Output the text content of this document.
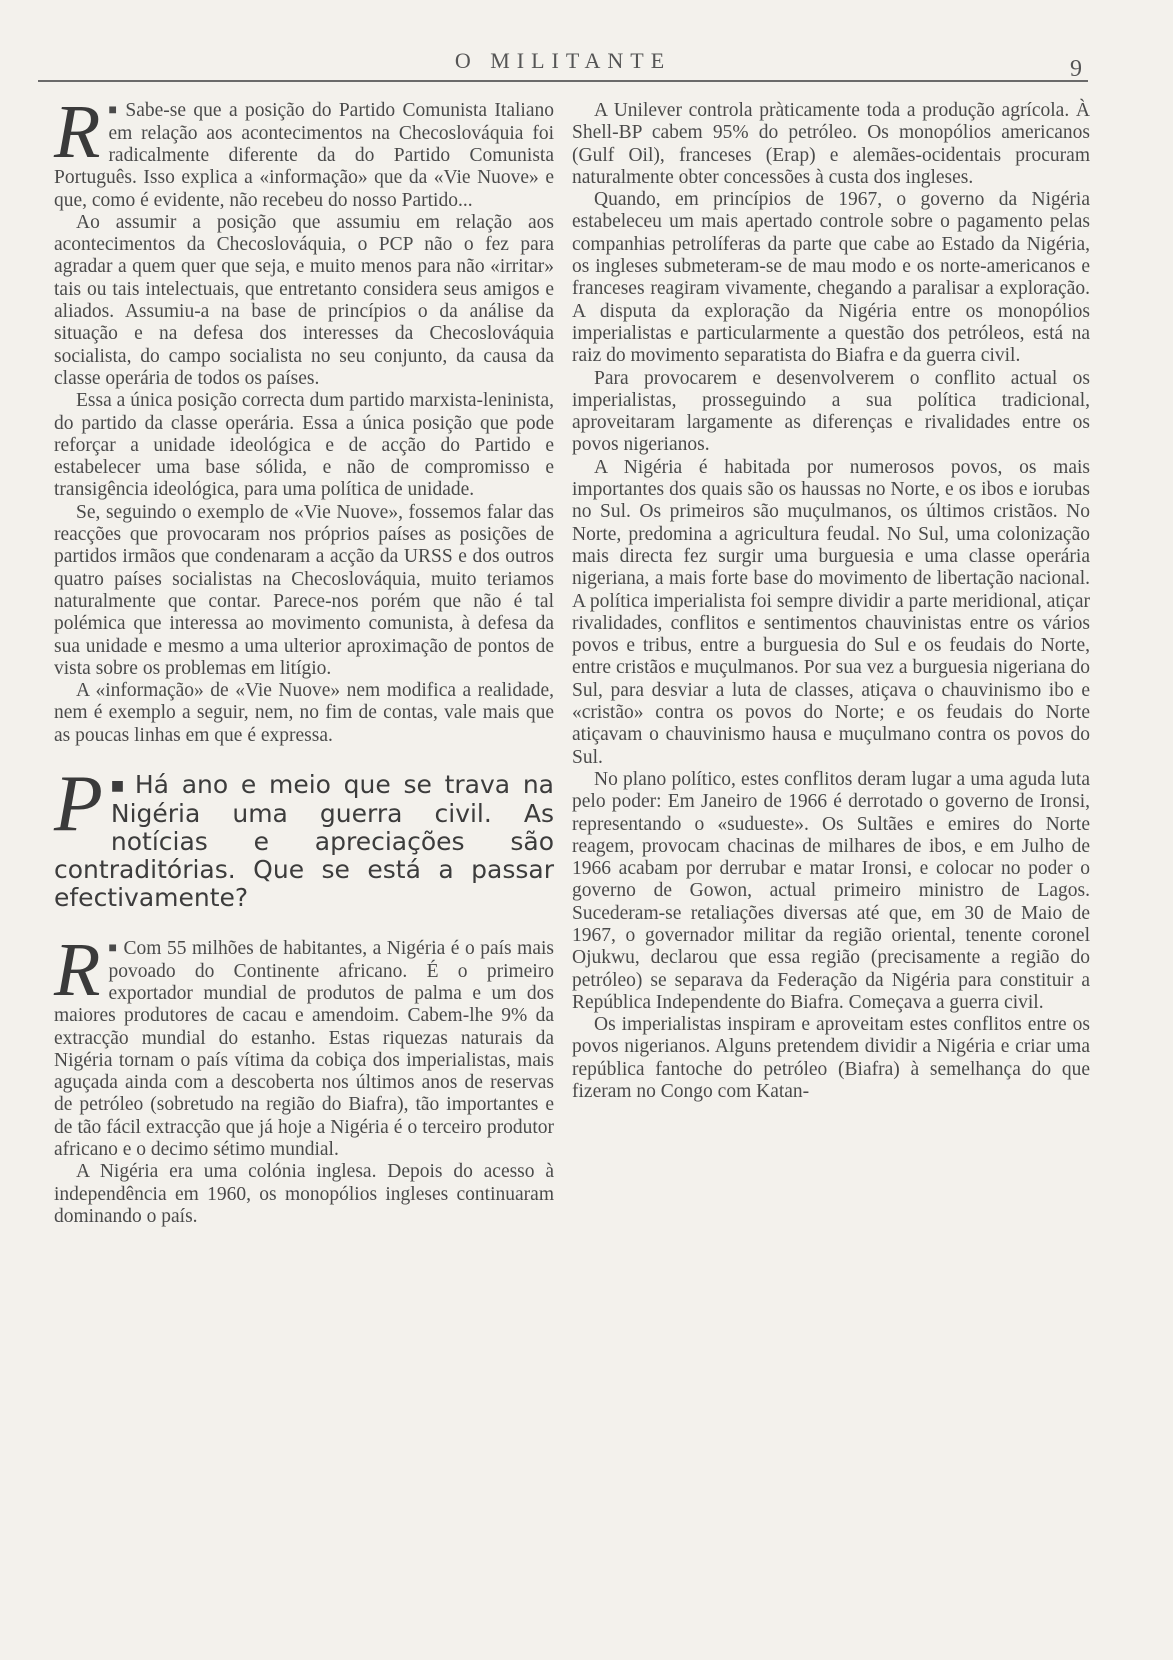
O MILITANTE	9
R ■ Sabe-se que a posição do Partido Comunista Italiano em relação aos acontecimentos na Checoslováquia foi radicalmente diferente da do Partido Comunista Português. Isso explica a «informação» que da «Vie Nuove» e que, como é evidente, não recebeu do nosso Partido...

Ao assumir a posição que assumiu em relação aos acontecimentos da Checoslováquia, o PCP não o fez para agradar a quem quer que seja, e muito menos para não «irritar» tais ou tais intelectuais, que entretanto considera seus amigos e aliados. Assumiu-a na base de princípios o da análise da situação e na defesa dos interesses da Checoslováquia socialista, do campo socialista no seu conjunto, da causa da classe operária de todos os países.

Essa a única posição correcta dum partido marxista-leninista, do partido da classe operária. Essa a única posição que pode reforçar a unidade ideológica e de acção do Partido e estabelecer uma base sólida, e não de compromisso e transigência ideológica, para uma política de unidade.

Se, seguindo o exemplo de «Vie Nuove», fossemos falar das reacções que provocaram nos próprios países as posições de partidos irmãos que condenaram a acção da URSS e dos outros quatro países socialistas na Checoslováquia, muito teriamos naturalmente que contar. Parece-nos porém que não é tal polémica que interessa ao movimento comunista, à defesa da sua unidade e mesmo a uma ulterior aproximação de pontos de vista sobre os problemas em litígio.

A «informação» de «Vie Nuove» nem modifica a realidade, nem é exemplo a seguir, nem, no fim de contas, vale mais que as poucas linhas em que é expressa.

P ■ Há ano e meio que se trava na Nigéria uma guerra civil. As notícias e apreciações são contraditórias. Que se está a passar efectivamente?
R ■ Com 55 milhões de habitantes, a Nigéria é o país mais povoado do Continente africano. É o primeiro exportador mundial de produtos de palma e um dos maiores produtores de cacau e amendoim. Cabem-lhe 9% da extracção mundial do estanho. Estas riquezas naturais da Nigéria tornam o país vítima da cobiça dos imperialistas, mais aguçada ainda com a descoberta nos últimos anos de reservas de petróleo (sobretudo na região do Biafra), tão importantes e de tão fácil extracção que já hoje a Nigéria é o terceiro produtor africano e o decimo sétimo mundial.

A Nigéria era uma colónia inglesa. Depois do acesso à independência em 1960, os monopólios ingleses continuaram dominando o país.

A Unilever controla pràticamente toda a produção agrícola. À Shell-BP cabem 95% do petróleo. Os monopólios americanos (Gulf Oil), franceses (Erap) e alemães-ocidentais procuram naturalmente obter concessões à custa dos ingleses.

Quando, em princípios de 1967, o governo da Nigéria estabeleceu um mais apertado controle sobre o pagamento pelas companhias petrolíferas da parte que cabe ao Estado da Nigéria, os ingleses submeteram-se de mau modo e os norte-americanos e franceses reagiram vivamente, chegando a paralisar a exploração. A disputa da exploração da Nigéria entre os monopólios imperialistas e particularmente a questão dos petróleos, está na raiz do movimento separatista do Biafra e da guerra civil.

Para provocarem e desenvolverem o conflito actual os imperialistas, prosseguindo a sua política tradicional, aproveitaram largamente as diferenças e rivalidades entre os povos nigerianos.

A Nigéria é habitada por numerosos povos, os mais importantes dos quais são os haussas no Norte, e os ibos e iorubas no Sul. Os primeiros são muçulmanos, os últimos cristãos. No Norte, predomina a agricultura feudal. No Sul, uma colonização mais directa fez surgir uma burguesia e uma classe operária nigeriana, a mais forte base do movimento de libertação nacional. A política imperialista foi sempre dividir a parte meridional, atiçar rivalidades, conflitos e sentimentos chauvinistas entre os vários povos e tribus, entre a burguesia do Sul e os feudais do Norte, entre cristãos e muçulmanos. Por sua vez a burguesia nigeriana do Sul, para desviar a luta de classes, atiçava o chauvinismo ibo e «cristão» contra os povos do Norte; e os feudais do Norte atiçavam o chauvinismo hausa e muçulmano contra os povos do Sul.

No plano político, estes conflitos deram lugar a uma aguda luta pelo poder: Em Janeiro de 1966 é derrotado o governo de Ironsi, representando o «sudueste». Os Sultães e emires do Norte reagem, provocam chacinas de milhares de ibos, e em Julho de 1966 acabam por derrubar e matar Ironsi, e colocar no poder o governo de Gowon, actual primeiro ministro de Lagos. Sucederam-se retaliações diversas até que, em 30 de Maio de 1967, o governador militar da região oriental, tenente coronel Ojukwu, declarou que essa região (precisamente a região do petróleo) se separava da Federação da Nigéria para constituir a República Independente do Biafra. Começava a guerra civil.

Os imperialistas inspiram e aproveitam estes conflitos entre os povos nigerianos. Alguns pretendem dividir a Nigéria e criar uma república fantoche do petróleo (Biafra) à semelhança do que fizeram no Congo com Katan-
